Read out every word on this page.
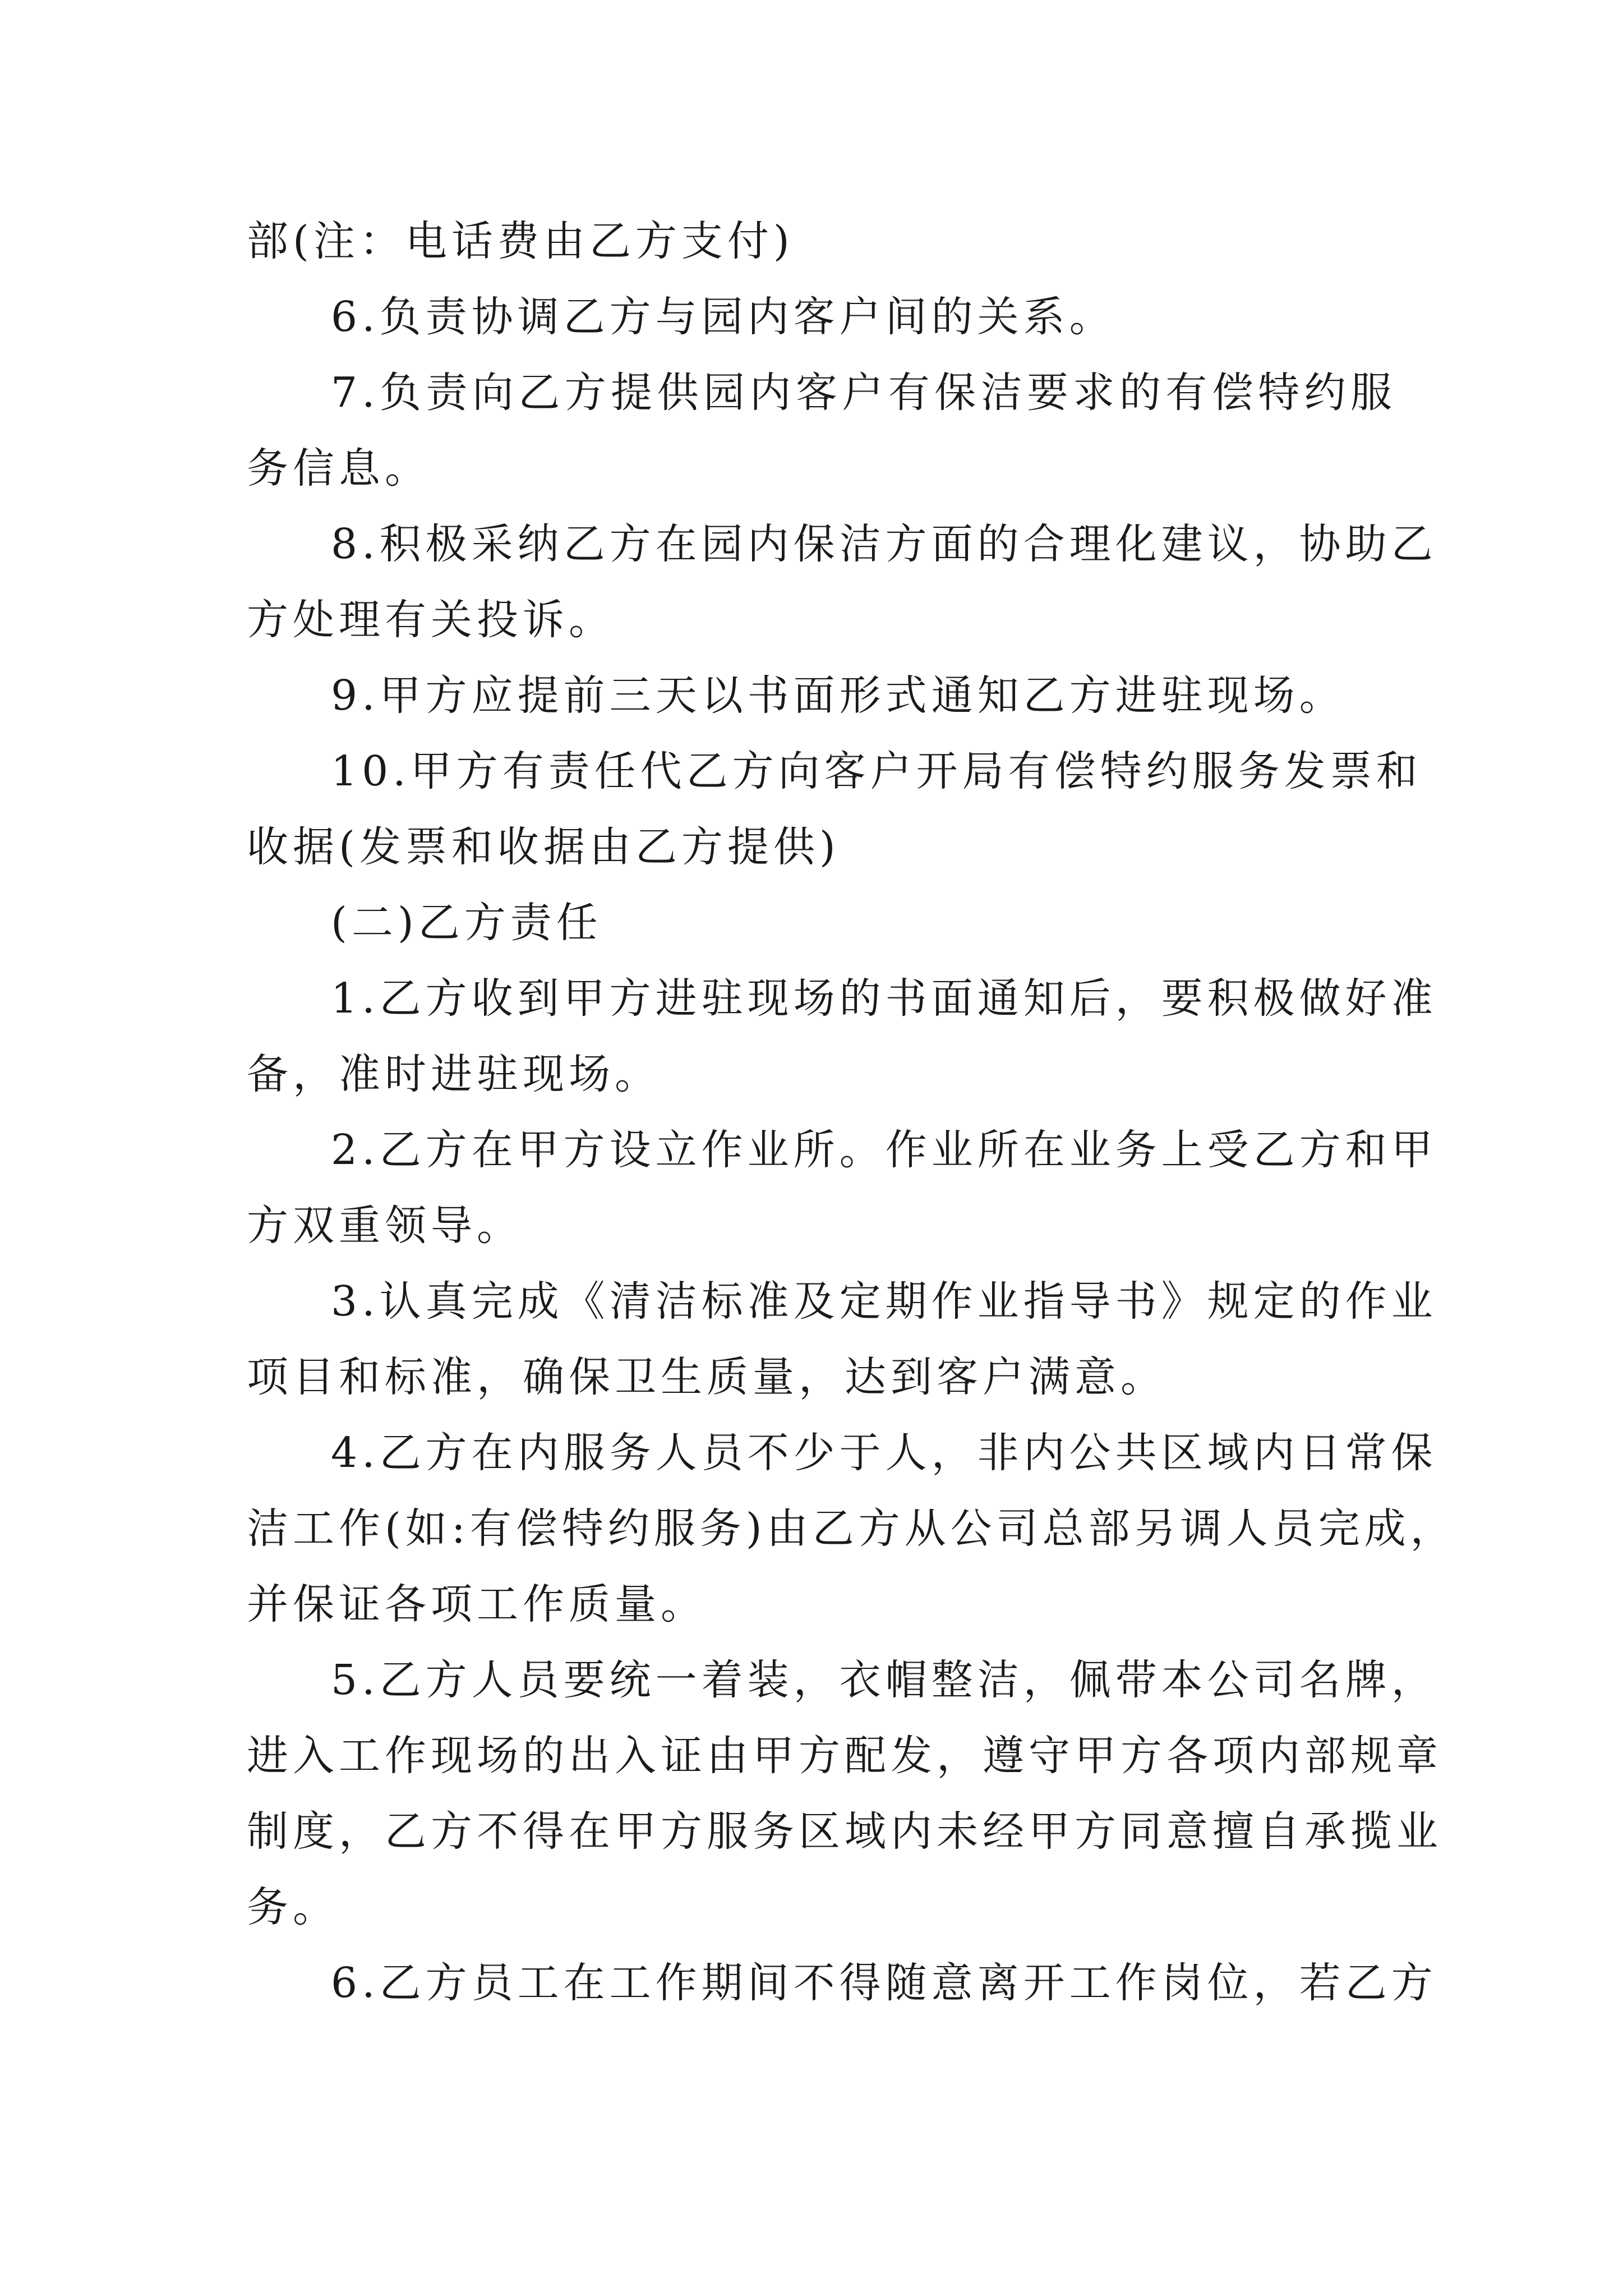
部(注：电话费由乙方支付)
6.负责协调乙方与园内客户间的关系。
7.负责向乙方提供园内客户有保洁要求的有偿特约服
务信息。
8.积极采纳乙方在园内保洁方面的合理化建议，协助乙
方处理有关投诉。
9.甲方应提前三天以书面形式通知乙方进驻现场。
10.甲方有责任代乙方向客户开局有偿特约服务发票和
收据(发票和收据由乙方提供)
(二)乙方责任
1.乙方收到甲方进驻现场的书面通知后，要积极做好准
备，准时进驻现场。
2.乙方在甲方设立作业所。作业所在业务上受乙方和甲
方双重领导。
3.认真完成《清洁标准及定期作业指导书》规定的作业
项目和标准，确保卫生质量，达到客户满意。
4.乙方在内服务人员不少于人，非内公共区域内日常保
洁工作(如:有偿特约服务)由乙方从公司总部另调人员完成，
并保证各项工作质量。
5.乙方人员要统一着装，衣帽整洁，佩带本公司名牌，
进入工作现场的出入证由甲方配发，遵守甲方各项内部规章
制度，乙方不得在甲方服务区域内未经甲方同意擅自承揽业
务。
6.乙方员工在工作期间不得随意离开工作岗位，若乙方
